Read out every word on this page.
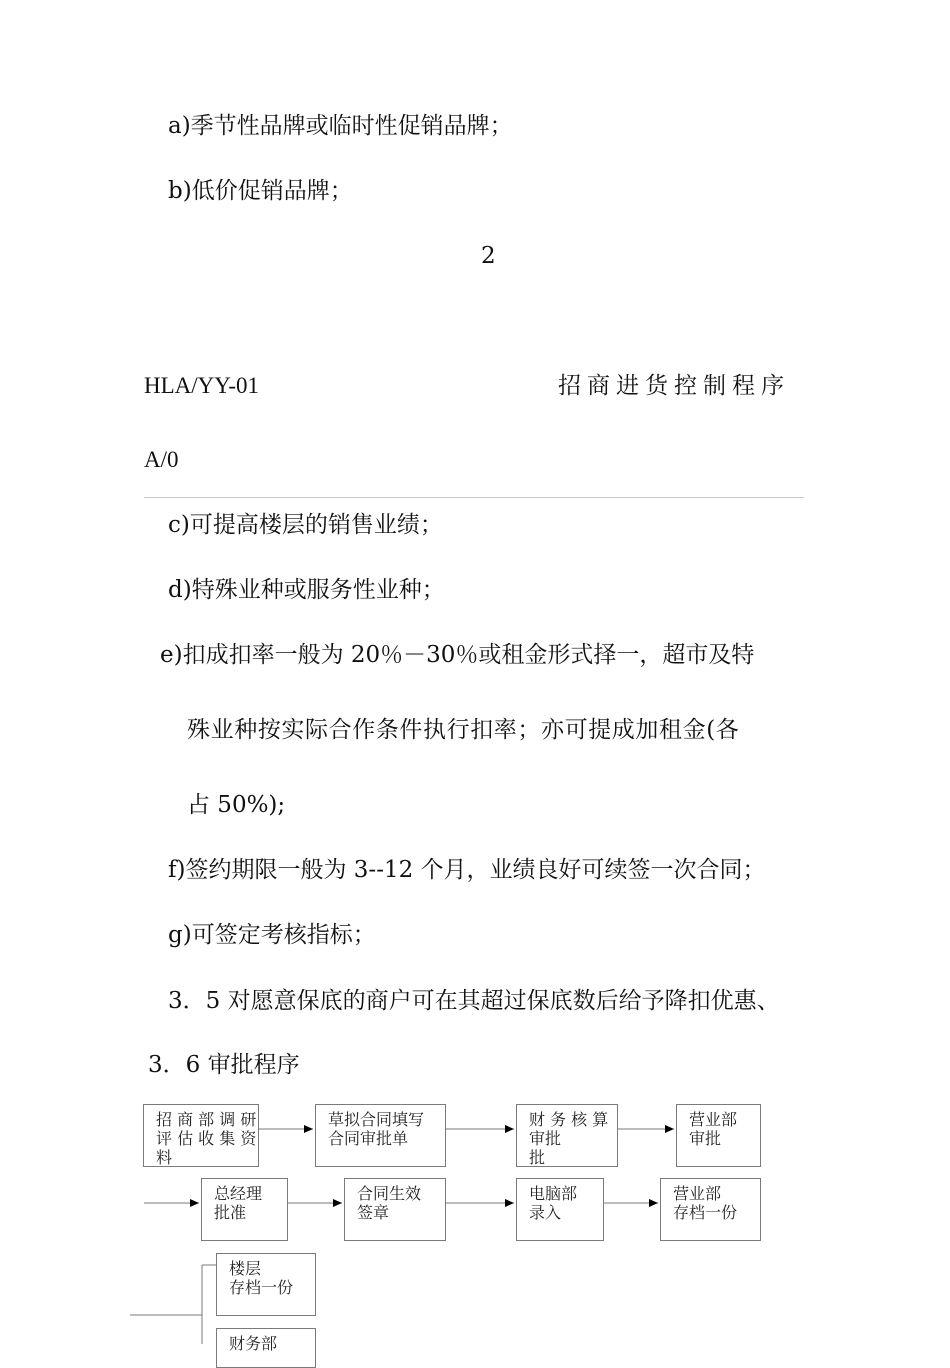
a)季节性品牌或临时性促销品牌；
b)低价促销品牌；
2
HLA/YY-01	招商进货控制程序
A/0
c)可提高楼层的销售业绩；
d)特殊业种或服务性业种；
e)扣成扣率一般为 20％－30％或租金形式择一，超市及特
殊业种按实际合作条件执行扣率；亦可提成加租金(各
占 50%);
f)签约期限一般为 3--12 个月，业绩良好可续签一次合同；
g)可签定考核指标；
3．5 对愿意保底的商户可在其超过保底数后给予降扣优惠、
3．6 审批程序
招 商 部 调 研
评 估 收 集 资
料
草拟合同填写
合同审批单
财 务 核 算
审批
批
营业部
审批
总经理
批准
合同生效
签章
电脑部
录入
营业部
存档一份
楼层
存档一份
财务部
